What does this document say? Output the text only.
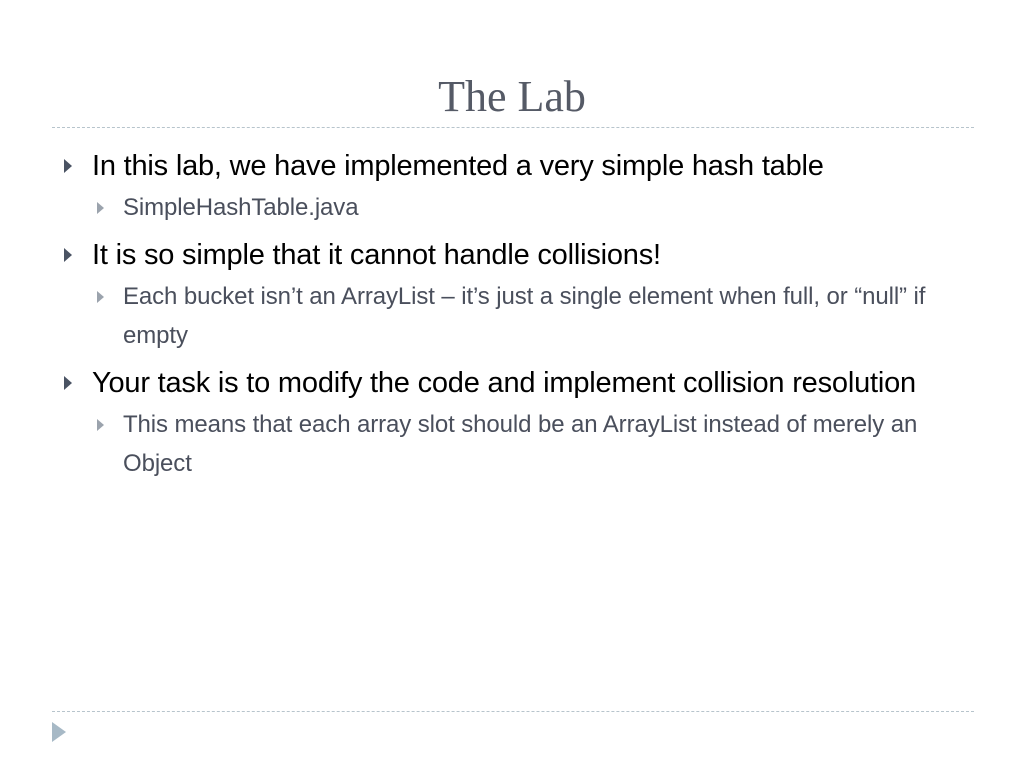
The Lab
In this lab, we have implemented a very simple hash table
SimpleHashTable.java
It is so simple that it cannot handle collisions!
Each bucket isn’t an ArrayList – it’s just a single element when full, or “null” if empty
Your task is to modify the code and implement collision resolution
This means that each array slot should be an ArrayList instead of merely an Object
